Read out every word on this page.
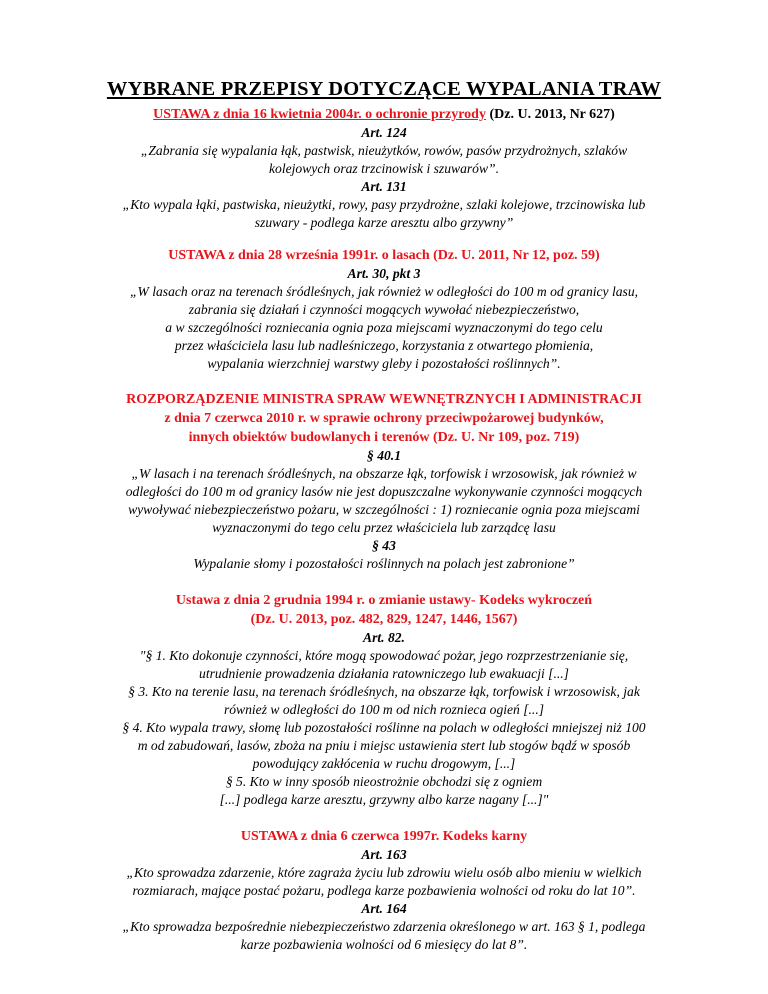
WYBRANE PRZEPISY DOTYCZĄCE WYPALANIA TRAW
USTAWA z dnia 16 kwietnia 2004r. o ochronie przyrody (Dz. U. 2013, Nr 627)
Art. 124
„Zabrania się wypalania łąk, pastwisk, nieużytków, rowów, pasów przydrożnych, szlaków
kolejowych oraz trzcinowisk i szuwarów”.
Art. 131
„Kto wypala łąki, pastwiska, nieużytki, rowy, pasy przydrożne, szlaki kolejowe, trzcinowiska lub
szuwary - podlega karze aresztu albo grzywny”
USTAWA z dnia 28 września 1991r. o lasach (Dz. U. 2011, Nr 12, poz. 59)
Art. 30, pkt 3
„W lasach oraz na terenach śródleśnych, jak również w odległości do 100 m od granicy lasu,
zabrania się działań i czynności mogących wywołać niebezpieczeństwo,
a w szczególności rozniecania ognia poza miejscami wyznaczonymi do tego celu
przez właściciela lasu lub nadleśniczego, korzystania z otwartego płomienia,
wypalania wierzchniej warstwy gleby i pozostałości roślinnych”.
ROZPORZĄDZENIE MINISTRA SPRAW WEWNĘTRZNYCH I ADMINISTRACJI
z dnia 7 czerwca 2010 r. w sprawie ochrony przeciwpożarowej budynków,
innych obiektów budowlanych i terenów (Dz. U. Nr 109, poz. 719)
§ 40.1
„W lasach i na terenach śródleśnych, na obszarze łąk, torfowisk i wrzosowisk, jak również w
odległości do 100 m od granicy lasów nie jest dopuszczalne wykonywanie czynności mogących
wywoływać niebezpieczeństwo pożaru, w szczególności : 1) rozniecanie ognia poza miejscami
wyznaczonymi do tego celu przez właściciela lub zarządcę lasu
§ 43
Wypalanie słomy i pozostałości roślinnych na polach jest zabronione”
Ustawa z dnia 2 grudnia 1994 r. o zmianie ustawy- Kodeks wykroczeń
(Dz. U. 2013, poz. 482, 829, 1247, 1446, 1567)
Art. 82.
"§ 1. Kto dokonuje czynności, które mogą spowodować pożar, jego rozprzestrzenianie się,
utrudnienie prowadzenia działania ratowniczego lub ewakuacji [...]
§ 3. Kto na terenie lasu, na terenach śródleśnych, na obszarze łąk, torfowisk i wrzosowisk, jak
również w odległości do 100 m od nich roznieca ogień [...]
§ 4. Kto wypala trawy, słomę lub pozostałości roślinne na polach w odległości mniejszej niż 100
m od zabudowań, lasów, zboża na pniu i miejsc ustawienia stert lub stogów bądź w sposób
powodujący zakłócenia w ruchu drogowym, [...]
§ 5. Kto w inny sposób nieostrożnie obchodzi się z ogniem
[...] podlega karze aresztu, grzywny albo karze nagany [...]"
USTAWA z dnia 6 czerwca 1997r. Kodeks karny
Art. 163
„Kto sprowadza zdarzenie, które zagraża życiu lub zdrowiu wielu osób albo mieniu w wielkich
rozmiarach, mające postać pożaru, podlega karze pozbawienia wolności od roku do lat 10”.
Art. 164
„Kto sprowadza bezpośrednie niebezpieczeństwo zdarzenia określonego w art. 163 § 1, podlega
karze pozbawienia wolności od 6 miesięcy do lat 8”.
